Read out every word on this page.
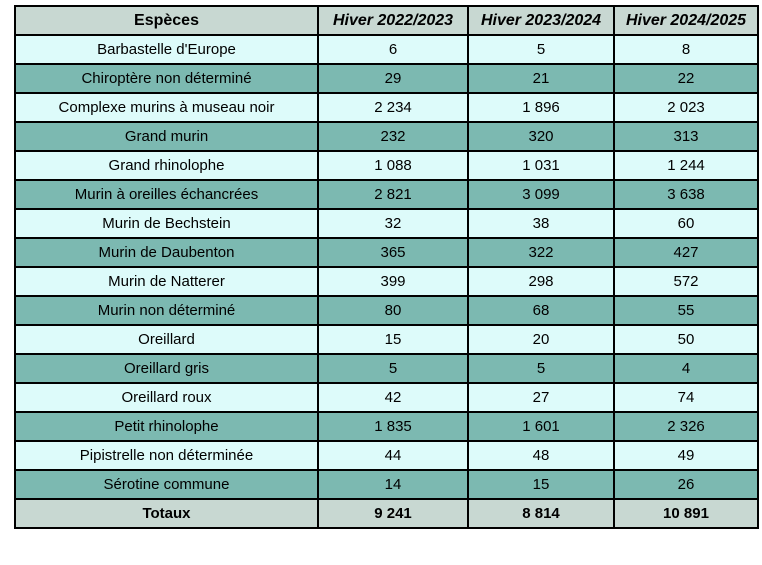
Espèces	Hiver 2022/2023	Hiver 2023/2024	Hiver 2024/2025
Barbastelle d'Europe	6	5	8
Chiroptère non déterminé	29	21	22
Complexe murins à museau noir	2 234	1 896	2 023
Grand murin	232	320	313
Grand rhinolophe	1 088	1 031	1 244
Murin à oreilles échancrées	2 821	3 099	3 638
Murin de Bechstein	32	38	60
Murin de Daubenton	365	322	427
Murin de Natterer	399	298	572
Murin non déterminé	80	68	55
Oreillard	15	20	50
Oreillard gris	5	5	4
Oreillard roux	42	27	74
Petit rhinolophe	1 835	1 601	2 326
Pipistrelle non déterminée	44	48	49
Sérotine commune	14	15	26
Totaux	9 241	8 814	10 891
